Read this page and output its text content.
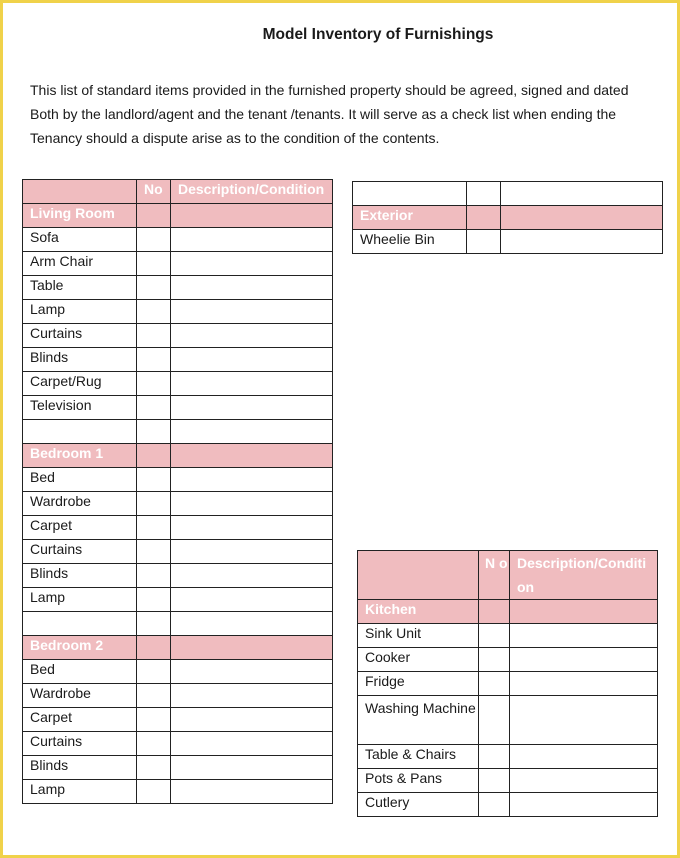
Model Inventory of Furnishings
This list of standard items provided in the furnished property should be agreed, signed and dated
Both by the landlord/agent and the tenant /tenants. It will serve as a check list when ending the
Tenancy should a dispute arise as to the condition of the contents.
	No	Description/Condition
Living Room		
Sofa		
Arm Chair		
Table		
Lamp		
Curtains		
Blinds		
Carpet/Rug		
Television		

Bedroom 1		
Bed		
Wardrobe		
Carpet		
Curtains		
Blinds		
Lamp		

Bedroom 2		
Bed		
Wardrobe		
Carpet		
Curtains		
Blinds		
Lamp		

Exterior		
Wheelie Bin		
	N o	Description/Conditi on
Kitchen		
Sink Unit		
Cooker		
Fridge		
Washing Machine		
Table & Chairs		
Pots & Pans		
Cutlery		
